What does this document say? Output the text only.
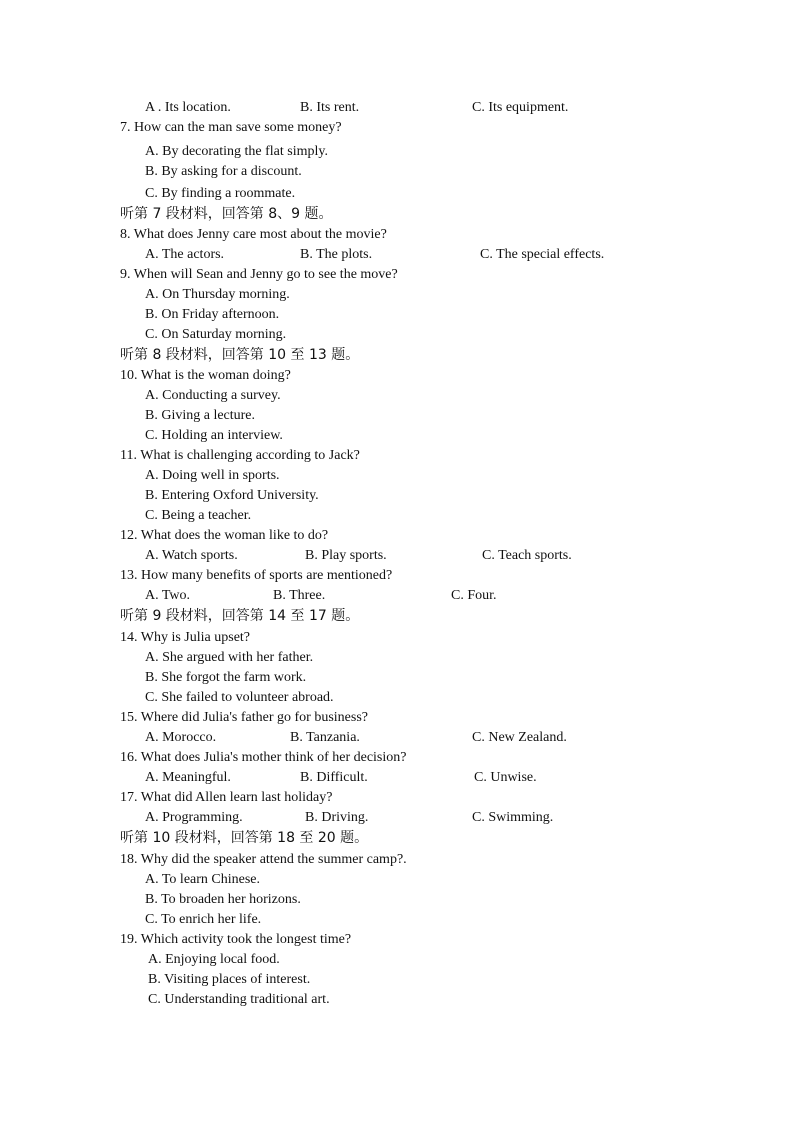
A . Its location.	B. Its rent.	C. Its equipment.
7. How can the man save some money?
A. By decorating the flat simply.
B. By asking for a discount.
C. By finding a roommate.
听第 7 段材料，回答第 8、9 题。
8. What does Jenny care most about the movie?
A. The actors.	B. The plots.	C. The special effects.
9. When will Sean and Jenny go to see the move?
A. On Thursday morning.
B. On Friday afternoon.
C. On Saturday morning.
听第 8 段材料，回答第 10 至 13 题。
10. What is the woman doing?
A. Conducting a survey.
B. Giving a lecture.
C. Holding an interview.
11. What is challenging according to Jack?
A. Doing well in sports.
B. Entering Oxford University.
C. Being a teacher.
12. What does the woman like to do?
A. Watch sports.	B. Play sports.	C. Teach sports.
13. How many benefits of sports are mentioned?
A. Two.	B. Three.	C. Four.
听第 9 段材料，回答第 14 至 17 题。
14. Why is Julia upset?
A. She argued with her father.
B. She forgot the farm work.
C. She failed to volunteer abroad.
15. Where did Julia's father go for business?
A. Morocco.	B. Tanzania.	C. New Zealand.
16. What does Julia's mother think of her decision?
A. Meaningful.	B. Difficult.	C. Unwise.
17. What did Allen learn last holiday?
A. Programming.	B. Driving.	C. Swimming.
听第 10 段材料，回答第 18 至 20 题。
18. Why did the speaker attend the summer camp?.
A. To learn Chinese.
B. To broaden her horizons.
C. To enrich her life.
19. Which activity took the longest time?
A. Enjoying local food.
B. Visiting places of interest.
C. Understanding traditional art.
